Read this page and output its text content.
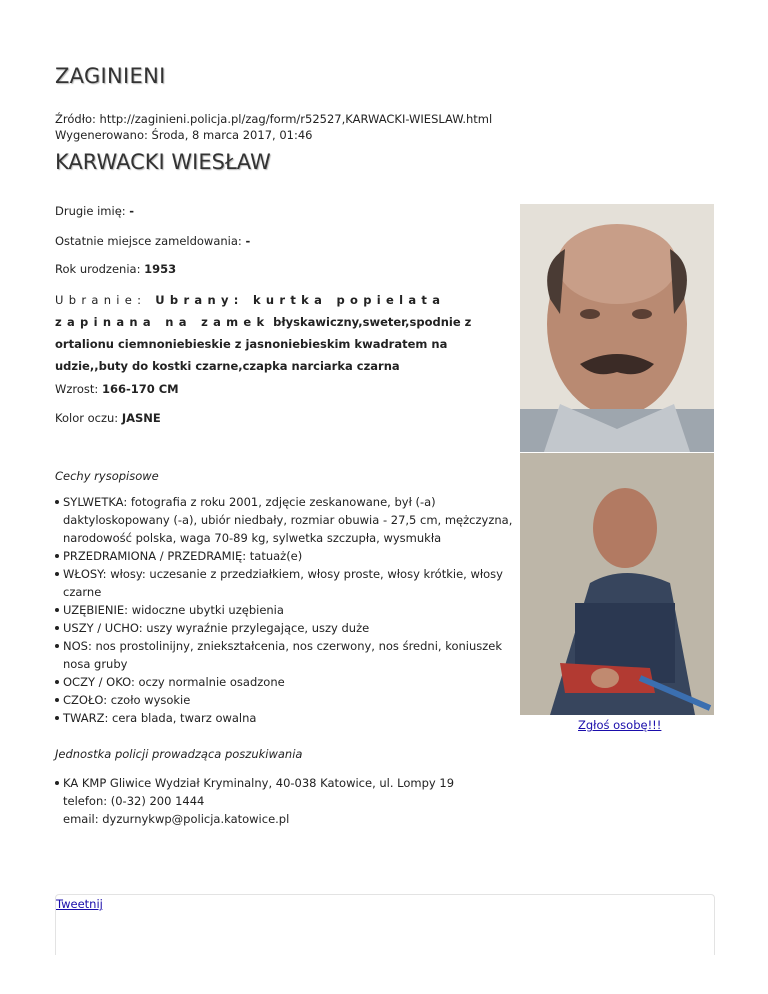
ZAGINIENI
Źródło: http://zaginieni.policja.pl/zag/form/r52527,KARWACKI-WIESLAW.html
Wygenerowano: Środa, 8 marca 2017, 01:46
KARWACKI WIESŁAW
Drugie imię: -
Ostatnie miejsce zameldowania: -
Rok urodzenia: 1953
Ubranie: Ubrany: kurtka popielata zapinana na zamek błyskawiczny,sweter,spodnie z ortalionu ciemnoniebieskie z jasnoniebieskim kwadratem na udzie,,buty do kostki czarne,czapka narciarka czarna
Wzrost: 166-170 CM
Kolor oczu: JASNE
Cechy rysopisowe
SYLWETKA: fotografia z roku 2001, zdjęcie zeskanowane, był (-a) daktyloskopowany (-a), ubiór niedbały, rozmiar obuwia - 27,5 cm, mężczyzna, narodowość polska, waga 70-89 kg, sylwetka szczupła, wysmukła
PRZEDRAMIONA / PRZEDRAMIĘ: tatuaż(e)
WŁOSY: włosy: uczesanie z przedziałkiem, włosy proste, włosy krótkie, włosy czarne
UZĘBIENIE: widoczne ubytki uzębienia
USZY / UCHO: uszy wyraźnie przylegające, uszy duże
NOS: nos prostolinijny, zniekształcenia, nos czerwony, nos średni, koniuszek nosa gruby
OCZY / OKO: oczy normalnie osadzone
CZOŁO: czoło wysokie
TWARZ: cera blada, twarz owalna
Jednostka policji prowadząca poszukiwania
KA KMP Gliwice Wydział Kryminalny, 40-038 Katowice, ul. Lompy 19
telefon: (0-32) 200 1444
email: dyzurnykwp@policja.katowice.pl
Zgłoś osobę!!!
Tweetnij
